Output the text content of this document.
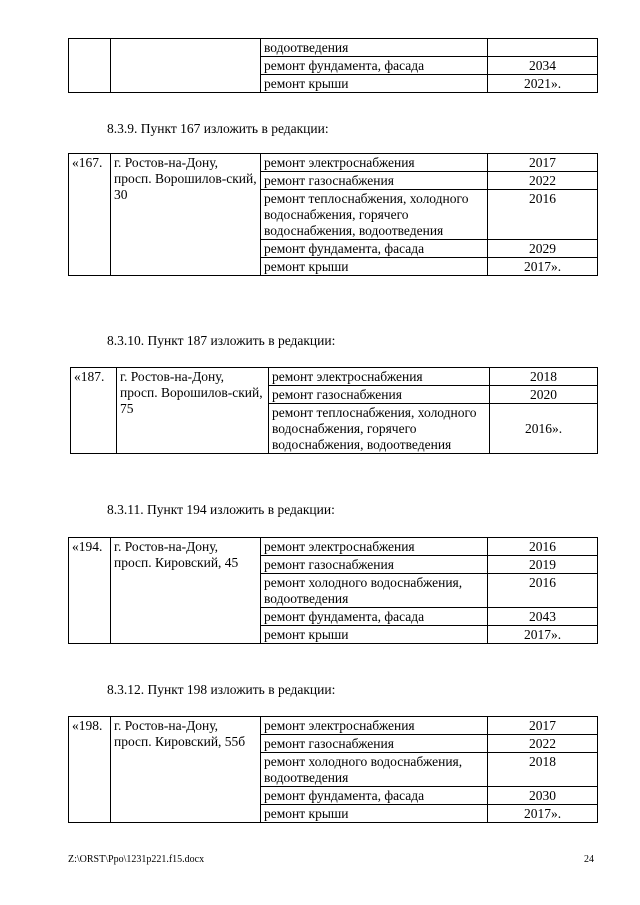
		водоотведения	
		ремонт фундамента, фасада	2034
		ремонт крыши	2021».
8.3.9. Пункт 167 изложить в редакции:
«167.	г. Ростов-на-Дону, просп. Ворошилов-ский, 30	ремонт электроснабжения	2017
		ремонт газоснабжения	2022
		ремонт теплоснабжения, холодного водоснабжения, горячего водоснабжения, водоотведения	2016
		ремонт фундамента, фасада	2029
		ремонт крыши	2017».
8.3.10. Пункт 187 изложить в редакции:
«187.	г. Ростов-на-Дону, просп. Ворошилов-ский, 75	ремонт электроснабжения	2018
		ремонт газоснабжения	2020
		ремонт теплоснабжения, холодного водоснабжения, горячего водоснабжения, водоотведения	2016».
8.3.11. Пункт 194 изложить в редакции:
«194.	г. Ростов-на-Дону, просп. Кировский, 45	ремонт электроснабжения	2016
		ремонт газоснабжения	2019
		ремонт холодного водоснабжения, водоотведения	2016
		ремонт фундамента, фасада	2043
		ремонт крыши	2017».
8.3.12. Пункт 198 изложить в редакции:
«198.	г. Ростов-на-Дону, просп. Кировский, 55б	ремонт электроснабжения	2017
		ремонт газоснабжения	2022
		ремонт холодного водоснабжения, водоотведения	2018
		ремонт фундамента, фасада	2030
		ремонт крыши	2017».
Z:\ORST\Ppo\1231p221.f15.docx	24
